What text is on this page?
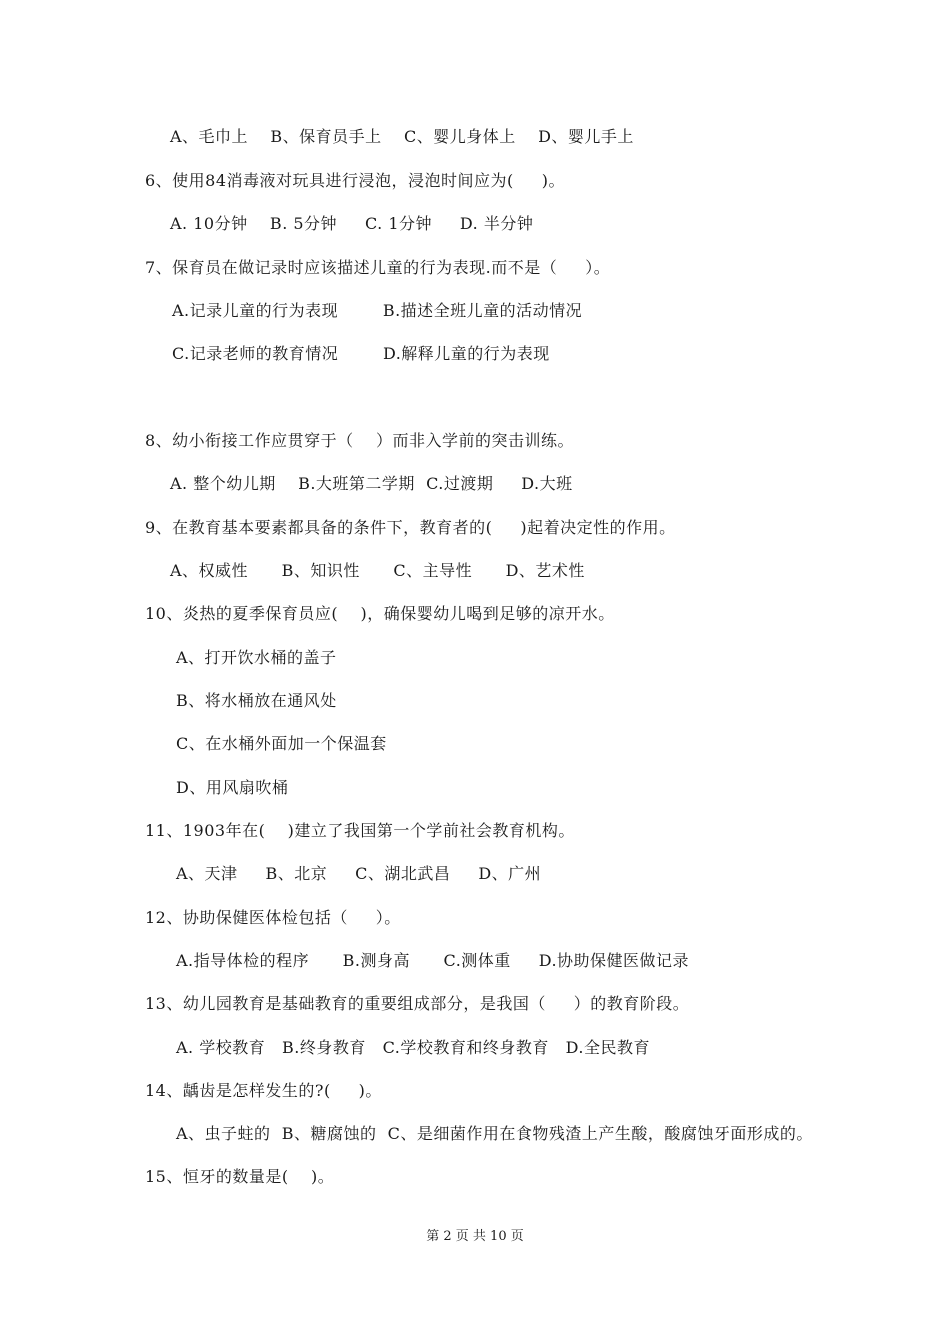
A、毛巾上    B、保育员手上    C、婴儿身体上    D、婴儿手上
6、使用84消毒液对玩具进行浸泡，浸泡时间应为(     )。
A. 10分钟    B. 5分钟     C. 1分钟     D. 半分钟
7、保育员在做记录时应该描述儿童的行为表现.而不是（     ）。
A.记录儿童的行为表现        B.描述全班儿童的活动情况
C.记录老师的教育情况        D.解释儿童的行为表现
8、幼小衔接工作应贯穿于（    ）而非入学前的突击训练。
A. 整个幼儿期    B.大班第二学期  C.过渡期     D.大班
9、在教育基本要素都具备的条件下，教育者的(     )起着决定性的作用。
A、权威性      B、知识性      C、主导性      D、艺术性
10、炎热的夏季保育员应(    )，确保婴幼儿喝到足够的凉开水。
A、打开饮水桶的盖子
B、将水桶放在通风处
C、在水桶外面加一个保温套
D、用风扇吹桶
11、1903年在(    )建立了我国第一个学前社会教育机构。
A、天津     B、北京     C、湖北武昌     D、广州
12、协助保健医体检包括（     ）。
A.指导体检的程序      B.测身高      C.测体重     D.协助保健医做记录
13、幼儿园教育是基础教育的重要组成部分，是我国（     ）的教育阶段。
A. 学校教育   B.终身教育   C.学校教育和终身教育   D.全民教育
14、龋齿是怎样发生的?(     )。
A、虫子蛀的  B、糖腐蚀的  C、是细菌作用在食物残渣上产生酸，酸腐蚀牙面形成的。
15、恒牙的数量是(    )。
第 2 页 共 10 页
